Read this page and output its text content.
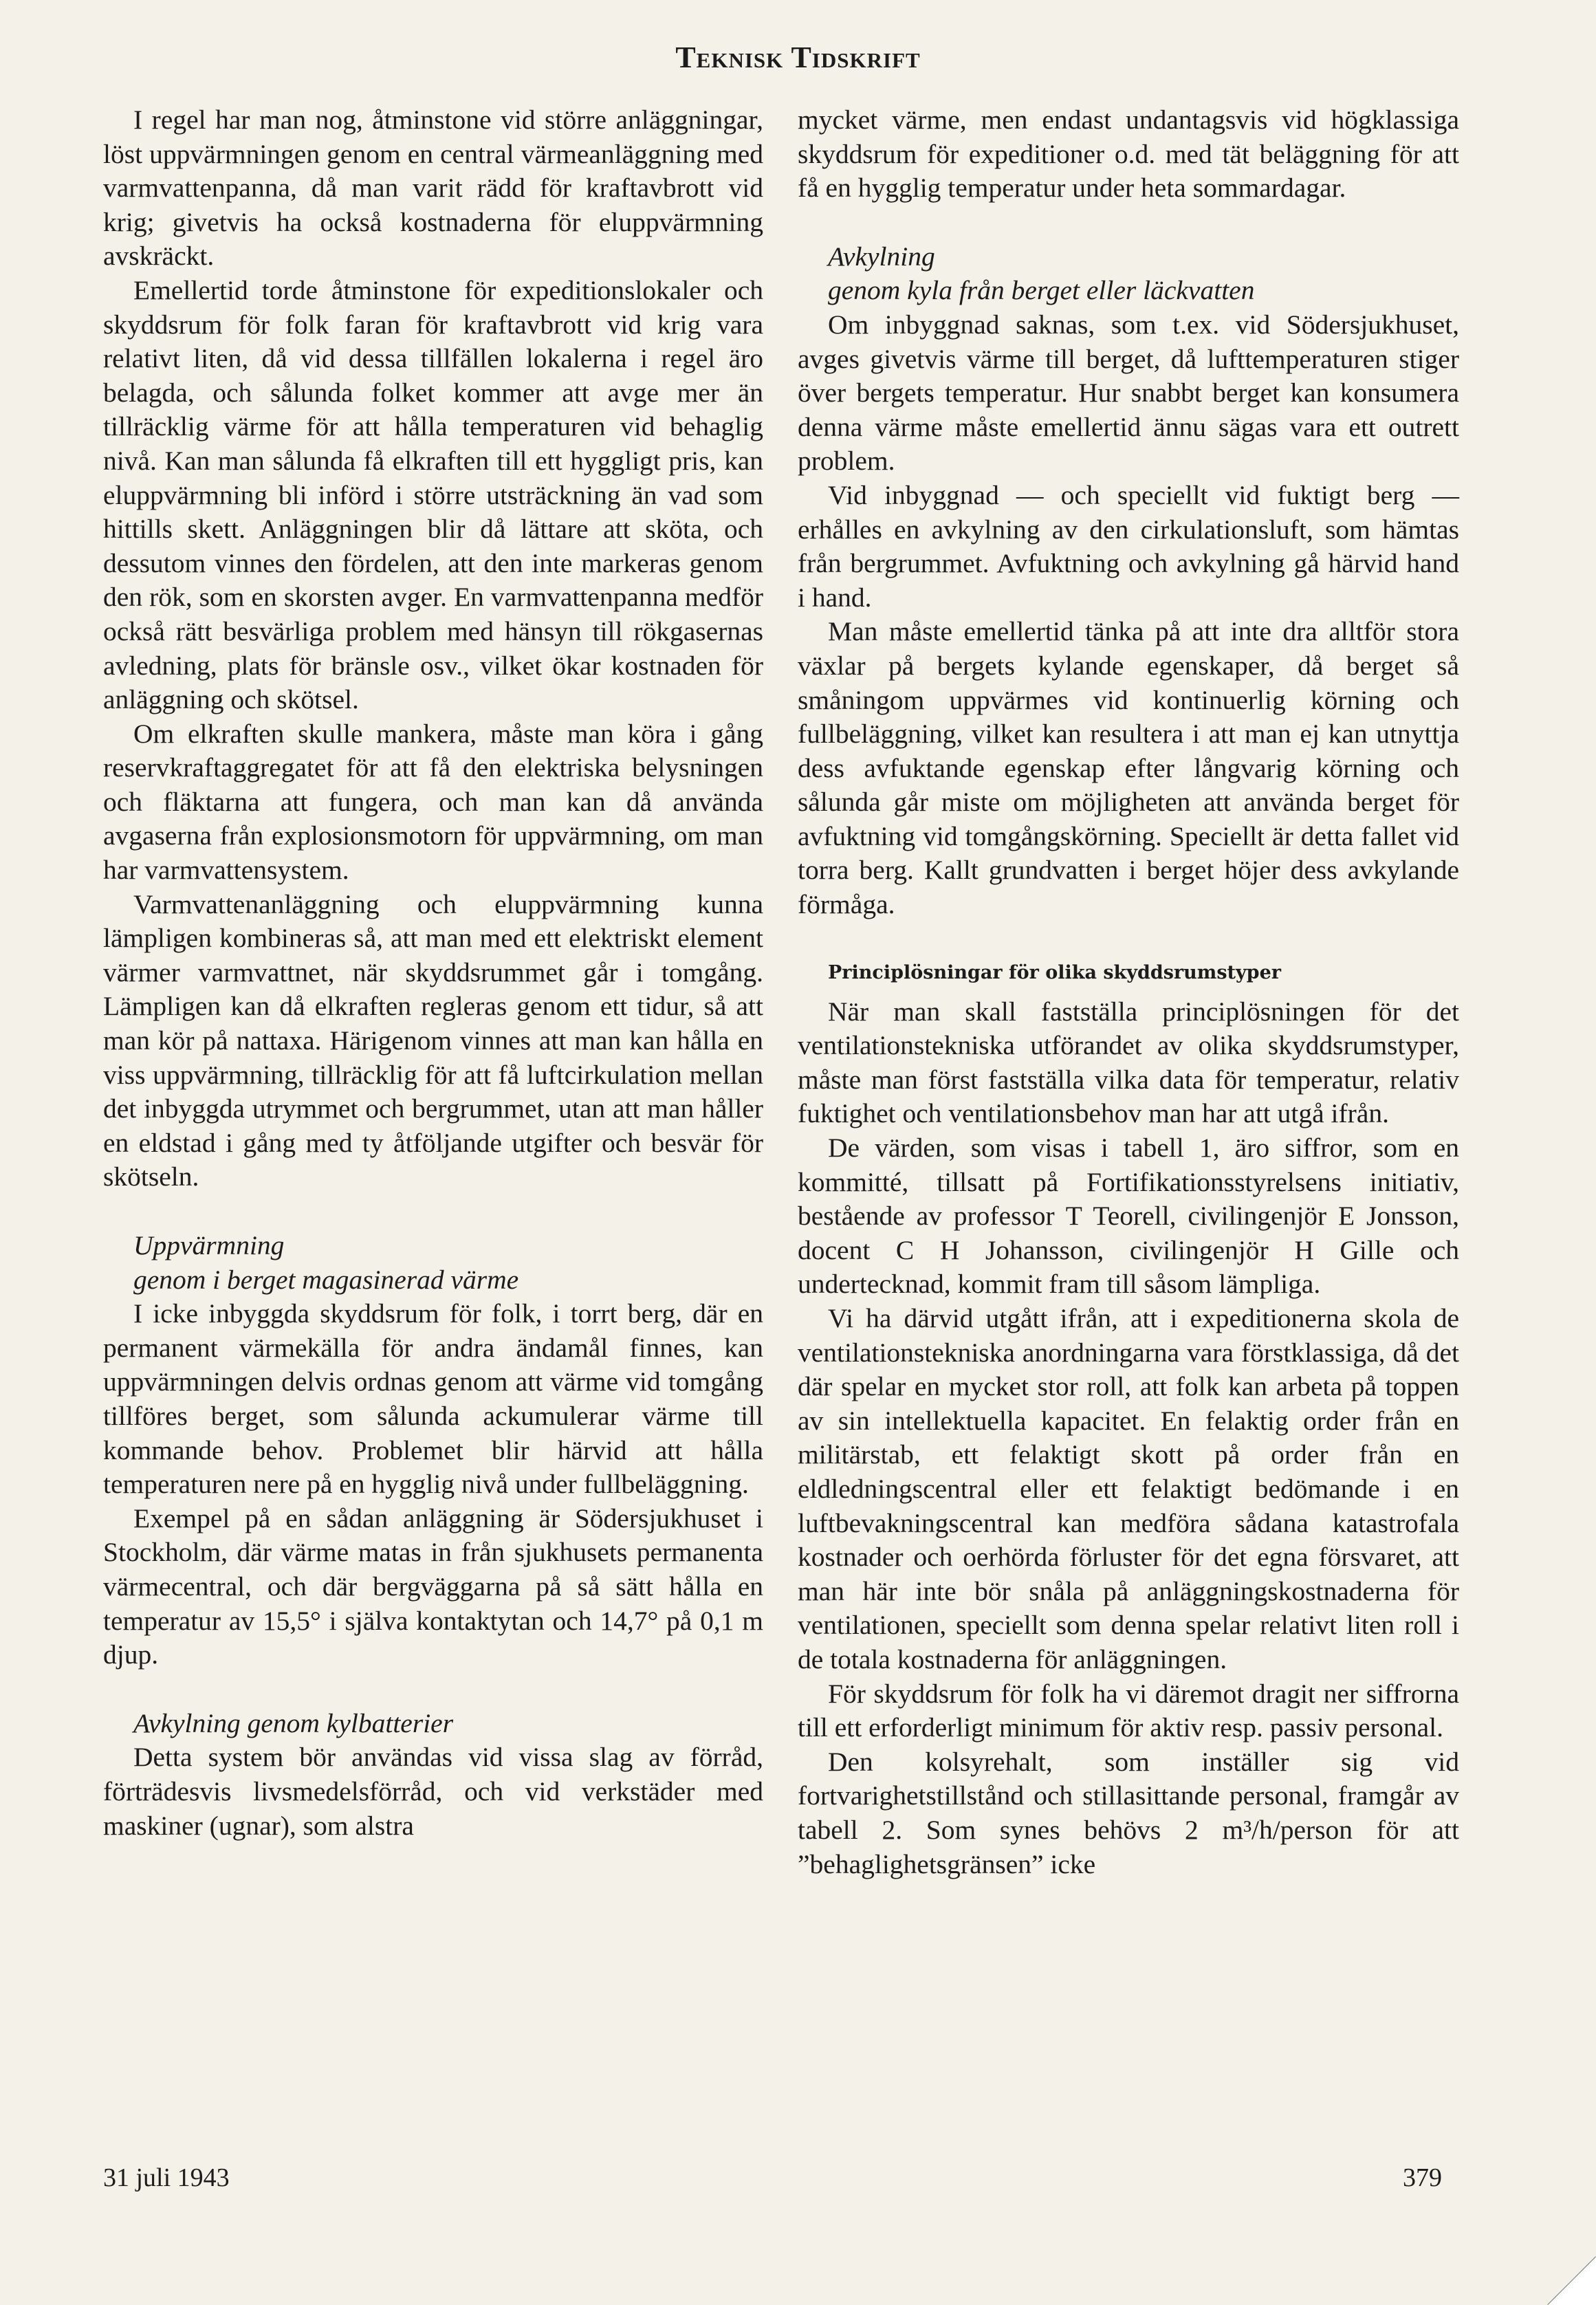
Teknisk Tidskrift

I regel har man nog, åtminstone vid större anläggningar, löst uppvärmningen genom en central värmeanläggning med varmvattenpanna, då man varit rädd för kraftavbrott vid krig; givetvis ha också kostnaderna för eluppvärmning avskräckt.

Emellertid torde åtminstone för expeditionslokaler och skyddsrum för folk faran för kraftavbrott vid krig vara relativt liten, då vid dessa tillfällen lokalerna i regel äro belagda, och sålunda folket kommer att avge mer än tillräcklig värme för att hålla temperaturen vid behaglig nivå. Kan man sålunda få elkraften till ett hyggligt pris, kan eluppvärmning bli införd i större utsträckning än vad som hittills skett. Anläggningen blir då lättare att sköta, och dessutom vinnes den fördelen, att den inte markeras genom den rök, som en skorsten avger. En varmvattenpanna medför också rätt besvärliga problem med hänsyn till rökgasernas avledning, plats för bränsle osv., vilket ökar kostnaden för anläggning och skötsel.

Om elkraften skulle mankera, måste man köra i gång reservkraftaggregatet för att få den elektriska belysningen och fläktarna att fungera, och man kan då använda avgaserna från explosionsmotorn för uppvärmning, om man har varmvattensystem.

Varmvattenanläggning och eluppvärmning kunna lämpligen kombineras så, att man med ett elektriskt element värmer varmvattnet, när skyddsrummet går i tomgång. Lämpligen kan då elkraften regleras genom ett tidur, så att man kör på nattaxa. Härigenom vinnes att man kan hålla en viss uppvärmning, tillräcklig för att få luftcirkulation mellan det inbyggda utrymmet och bergrummet, utan att man håller en eldstad i gång med ty åtföljande utgifter och besvär för skötseln.

Uppvärmning
genom i berget magasinerad värme

I icke inbyggda skyddsrum för folk, i torrt berg, där en permanent värmekälla för andra ändamål finnes, kan uppvärmningen delvis ordnas genom att värme vid tomgång tillföres berget, som sålunda ackumulerar värme till kommande behov. Problemet blir härvid att hålla temperaturen nere på en hygglig nivå under fullbeläggning.

Exempel på en sådan anläggning är Södersjukhuset i Stockholm, där värme matas in från sjukhusets permanenta värmecentral, och där bergväggarna på så sätt hålla en temperatur av 15,5° i själva kontaktytan och 14,7° på 0,1 m djup.

Avkylning genom kylbatterier

Detta system bör användas vid vissa slag av förråd, förträdesvis livsmedelsförråd, och vid verkstäder med maskiner (ugnar), som alstra

mycket värme, men endast undantagsvis vid högklassiga skyddsrum för expeditioner o.d. med tät beläggning för att få en hygglig temperatur under heta sommardagar.

Avkylning
genom kyla från berget eller läckvatten

Om inbyggnad saknas, som t.ex. vid Södersjukhuset, avges givetvis värme till berget, då lufttemperaturen stiger över bergets temperatur. Hur snabbt berget kan konsumera denna värme måste emellertid ännu sägas vara ett outrett problem.

Vid inbyggnad — och speciellt vid fuktigt berg — erhålles en avkylning av den cirkulationsluft, som hämtas från bergrummet. Avfuktning och avkylning gå härvid hand i hand.

Man måste emellertid tänka på att inte dra alltför stora växlar på bergets kylande egenskaper, då berget så småningom uppvärmes vid kontinuerlig körning och fullbeläggning, vilket kan resultera i att man ej kan utnyttja dess avfuktande egenskap efter långvarig körning och sålunda går miste om möjligheten att använda berget för avfuktning vid tomgångskörning. Speciellt är detta fallet vid torra berg. Kallt grundvatten i berget höjer dess avkylande förmåga.

Principlösningar för olika skyddsrumstyper

När man skall fastställa principlösningen för det ventilationstekniska utförandet av olika skyddsrumstyper, måste man först fastställa vilka data för temperatur, relativ fuktighet och ventilationsbehov man har att utgå ifrån.

De värden, som visas i tabell 1, äro siffror, som en kommitté, tillsatt på Fortifikationsstyrelsens initiativ, bestående av professor T Teorell, civilingenjör E Jonsson, docent C H Johansson, civilingenjör H Gille och undertecknad, kommit fram till såsom lämpliga.

Vi ha därvid utgått ifrån, att i expeditionerna skola de ventilationstekniska anordningarna vara förstklassiga, då det där spelar en mycket stor roll, att folk kan arbeta på toppen av sin intellektuella kapacitet. En felaktig order från en militärstab, ett felaktigt skott på order från en eldledningscentral eller ett felaktigt bedömande i en luftbevakningscentral kan medföra sådana katastrofala kostnader och oerhörda förluster för det egna försvaret, att man här inte bör snåla på anläggningskostnaderna för ventilationen, speciellt som denna spelar relativt liten roll i de totala kostnaderna för anläggningen.

För skyddsrum för folk ha vi däremot dragit ner siffrorna till ett erforderligt minimum för aktiv resp. passiv personal.

Den kolsyrehalt, som inställer sig vid fortvarighetstillstånd och stillasittande personal, framgår av tabell 2. Som synes behövs 2 m³/h/person för att ”behaglighetsgränsen” icke

31 juli 1943	379
